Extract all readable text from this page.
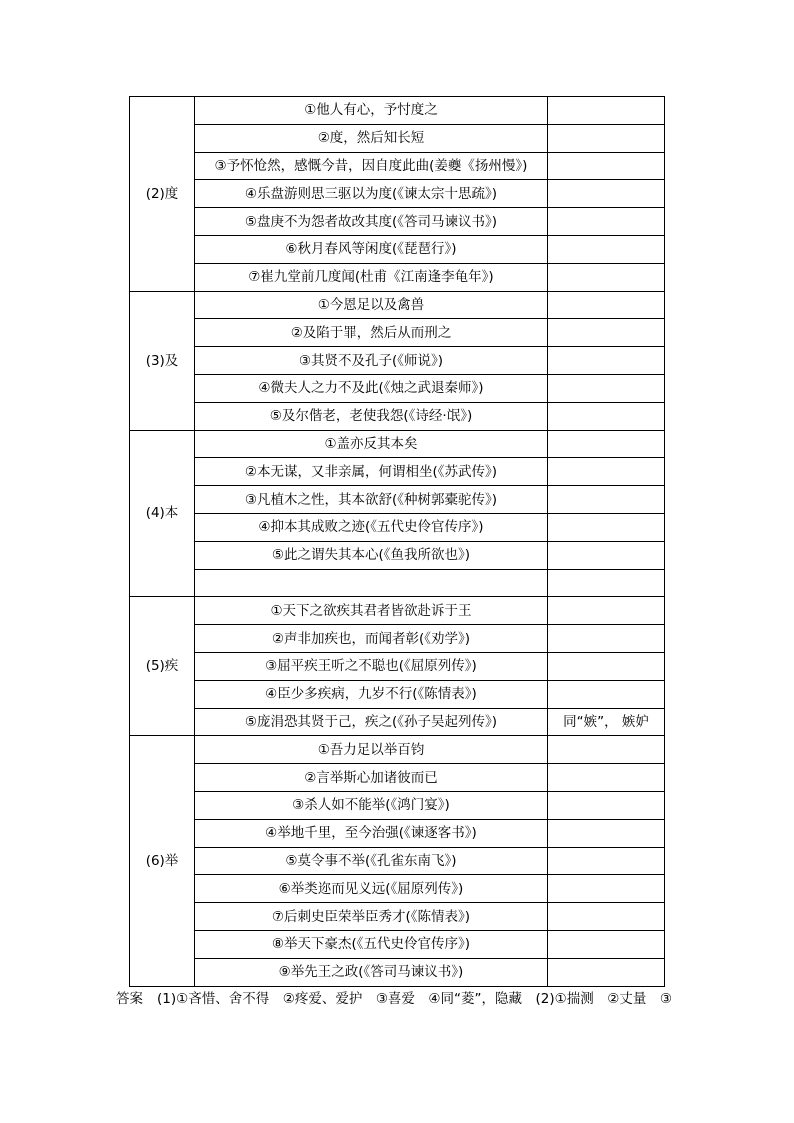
(2)度	①他人有心，予忖度之	
	②度，然后知长短	
	③予怀怆然，感慨今昔，因自度此曲(姜夔《扬州慢》)	
	④乐盘游则思三驱以为度(《谏太宗十思疏》)	
	⑤盘庚不为怨者故改其度(《答司马谏议书》)	
	⑥秋月春风等闲度(《琵琶行》)	
	⑦崔九堂前几度闻(杜甫《江南逢李龟年》)	
(3)及	①今恩足以及禽兽	
	②及陷于罪，然后从而刑之	
	③其贤不及孔子(《师说》)	
	④微夫人之力不及此(《烛之武退秦师》)	
	⑤及尔偕老，老使我怨(《诗经·氓》)	
(4)本	①盖亦反其本矣	
	②本无谋，又非亲属，何谓相坐(《苏武传》)	
	③凡植木之性，其本欲舒(《种树郭橐驼传》)	
	④抑本其成败之迹(《五代史伶官传序》)	
	⑤此之谓失其本心(《鱼我所欲也》)	

(5)疾	①天下之欲疾其君者皆欲赴诉于王	
	②声非加疾也，而闻者彰(《劝学》)	
	③屈平疾王听之不聪也(《屈原列传》)	
	④臣少多疾病，九岁不行(《陈情表》)	
	⑤庞涓恐其贤于己，疾之(《孙子吴起列传》)	同“嫉”， 嫉妒
(6)举	①吾力足以举百钧	
	②言举斯心加诸彼而已	
	③杀人如不能举(《鸿门宴》)	
	④举地千里，至今治强(《谏逐客书》)	
	⑤莫令事不举(《孔雀东南飞》)	
	⑥举类迩而见义远(《屈原列传》)	
	⑦后刺史臣荣举臣秀才(《陈情表》)	
	⑧举天下豪杰(《五代史伶官传序》)	
	⑨举先王之政(《答司马谏议书》)	
答案 (1)①吝惜、舍不得　②疼爱、爱护　③喜爱　④同“菱”，隐藏　(2)①揣测　②丈量　③
